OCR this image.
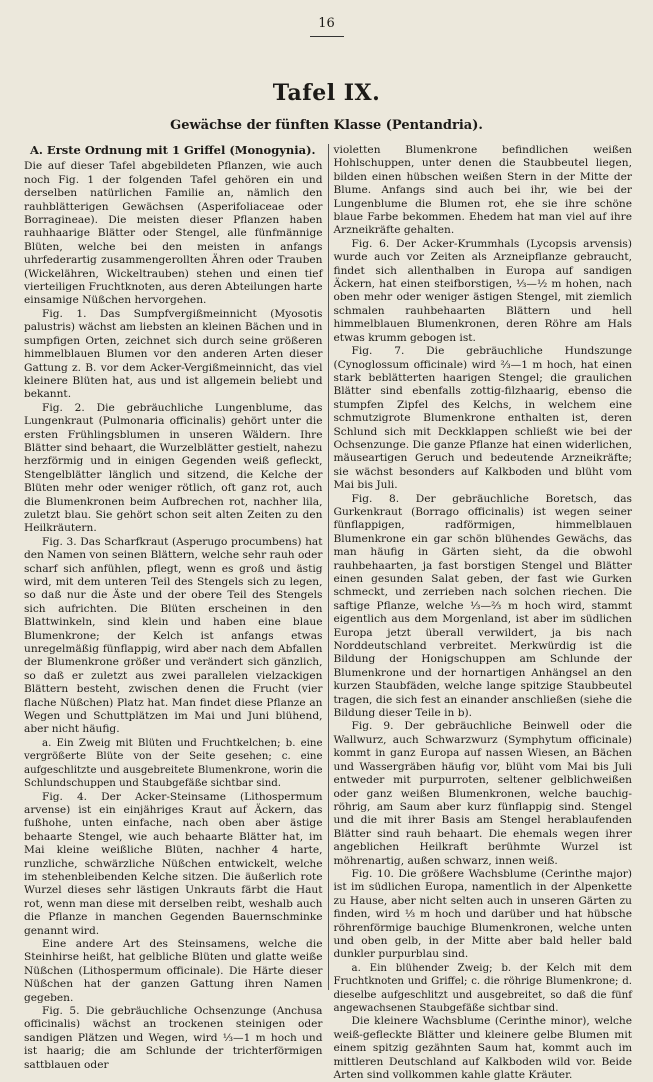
16
Tafel IX.
Gewächse der fünften Klasse (Pentandria).
A. Erste Ordnung mit 1 Griffel (Monogynia).

Die auf dieser Tafel abgebildeten Pflanzen, wie auch noch Fig. 1 der folgenden Tafel gehören ein und derselben natürlichen Familie an, nämlich den rauhblätterigen Gewächsen (Asperifoliaceae oder Borragineae). Die meisten dieser Pflanzen haben rauhhaarige Blätter oder Stengel, alle fünfmännige Blüten, welche bei den meisten in anfangs uhrfederartig zusammengerollten Ähren oder Trauben (Wickelähren, Wickeltrauben) stehen und einen tief vierteiligen Fruchtknoten, aus deren Abteilungen harte einsamige Nüßchen hervorgehen.

Fig. 1. Das Sumpfvergißmeinnicht (Myosotis palustris) wächst am liebsten an kleinen Bächen und in sumpfigen Orten, zeichnet sich durch seine größeren himmelblauen Blumen vor den anderen Arten dieser Gattung z. B. vor dem Acker-Vergißmeinnicht, das viel kleinere Blüten hat, aus und ist allgemein beliebt und bekannt.

Fig. 2. Die gebräuchliche Lungenblume, das Lungenkraut (Pulmonaria officinalis) gehört unter die ersten Frühlingsblumen in unseren Wäldern. Ihre Blätter sind behaart, die Wurzelblätter gestielt, nahezu herzförmig und in einigen Gegenden weiß gefleckt, Stengelblätter länglich und sitzend, die Kelche der Blüten mehr oder weniger rötlich, oft ganz rot, auch die Blumenkronen beim Aufbrechen rot, nachher lila, zuletzt blau. Sie gehört schon seit alten Zeiten zu den Heilkräutern.

Fig. 3. Das Scharfkraut (Asperugo procumbens) hat den Namen von seinen Blättern, welche sehr rauh oder scharf sich anfühlen, pflegt, wenn es groß und ästig wird, mit dem unteren Teil des Stengels sich zu legen, so daß nur die Äste und der obere Teil des Stengels sich aufrichten. Die Blüten erscheinen in den Blattwinkeln, sind klein und haben eine blaue Blumenkrone; der Kelch ist anfangs etwas unregelmäßig fünflappig, wird aber nach dem Abfallen der Blumenkrone größer und verändert sich gänzlich, so daß er zuletzt aus zwei parallelen vielzackigen Blättern besteht, zwischen denen die Frucht (vier flache Nüßchen) Platz hat. Man findet diese Pflanze an Wegen und Schuttplätzen im Mai und Juni blühend, aber nicht häufig.

a. Ein Zweig mit Blüten und Fruchtkelchen; b. eine vergrößerte Blüte von der Seite gesehen; c. eine aufgeschlitzte und ausgebreitete Blumenkrone, worin die Schlundschuppen und Staubgefäße sichtbar sind.

Fig. 4. Der Acker-Steinsame (Lithospermum arvense) ist ein einjähriges Kraut auf Äckern, das fußhohe, unten einfache, nach oben aber ästige behaarte Stengel, wie auch behaarte Blätter hat, im Mai kleine weißliche Blüten, nachher 4 harte, runzliche, schwärzliche Nüßchen entwickelt, welche im stehenbleibenden Kelche sitzen. Die äußerlich rote Wurzel dieses sehr lästigen Unkrauts färbt die Haut rot, wenn man diese mit derselben reibt, weshalb auch die Pflanze in manchen Gegenden Bauernschminke genannt wird.

Eine andere Art des Steinsamens, welche die Steinhirse heißt, hat gelbliche Blüten und glatte weiße Nüßchen (Lithospermum officinale). Die Härte dieser Nüßchen hat der ganzen Gattung ihren Namen gegeben.

Fig. 5. Die gebräuchliche Ochsenzunge (Anchusa officinalis) wächst an trockenen steinigen oder sandigen Plätzen und Wegen, wird ⅓—1 m hoch und ist haarig; die am Schlunde der trichterförmigen sattblauen oder

violetten Blumenkrone befindlichen weißen Hohlschuppen, unter denen die Staubbeutel liegen, bilden einen hübschen weißen Stern in der Mitte der Blume. Anfangs sind auch bei ihr, wie bei der Lungenblume die Blumen rot, ehe sie ihre schöne blaue Farbe bekommen. Ehedem hat man viel auf ihre Arzneikräfte gehalten.

Fig. 6. Der Acker-Krummhals (Lycopsis arvensis) wurde auch vor Zeiten als Arzneipflanze gebraucht, findet sich allenthalben in Europa auf sandigen Äckern, hat einen steifborstigen, ⅓—½ m hohen, nach oben mehr oder weniger ästigen Stengel, mit ziemlich schmalen rauhbehaarten Blättern und hell himmelblauen Blumenkronen, deren Röhre am Hals etwas krumm gebogen ist.

Fig. 7. Die gebräuchliche Hundszunge (Cynoglossum officinale) wird ⅔—1 m hoch, hat einen stark beblätterten haarigen Stengel; die graulichen Blätter sind ebenfalls zottig-filzhaarig, ebenso die stumpfen Zipfel des Kelchs, in welchem eine schmutzigrote Blumenkrone enthalten ist, deren Schlund sich mit Deckklappen schließt wie bei der Ochsenzunge. Die ganze Pflanze hat einen widerlichen, mäuseartigen Geruch und bedeutende Arzneikräfte; sie wächst besonders auf Kalkboden und blüht vom Mai bis Juli.

Fig. 8. Der gebräuchliche Boretsch, das Gurkenkraut (Borrago officinalis) ist wegen seiner fünflappigen, radförmigen, himmelblauen Blumenkrone ein gar schön blühendes Gewächs, das man häufig in Gärten sieht, da die obwohl rauhbehaarten, ja fast borstigen Stengel und Blätter einen gesunden Salat geben, der fast wie Gurken schmeckt, und zerrieben nach solchen riechen. Die saftige Pflanze, welche ⅓—⅔ m hoch wird, stammt eigentlich aus dem Morgenland, ist aber im südlichen Europa jetzt überall verwildert, ja bis nach Norddeutschland verbreitet. Merkwürdig ist die Bildung der Honigschuppen am Schlunde der Blumenkrone und der hornartigen Anhängsel an den kurzen Staubfäden, welche lange spitzige Staubbeutel tragen, die sich fest an einander anschließen (siehe die Bildung dieser Teile in b).

Fig. 9. Der gebräuchliche Beinwell oder die Wallwurz, auch Schwarzwurz (Symphytum officinale) kommt in ganz Europa auf nassen Wiesen, an Bächen und Wassergräben häufig vor, blüht vom Mai bis Juli entweder mit purpurroten, seltener gelblichweißen oder ganz weißen Blumenkronen, welche bauchig-röhrig, am Saum aber kurz fünflappig sind. Stengel und die mit ihrer Basis am Stengel herablaufenden Blätter sind rauh behaart. Die ehemals wegen ihrer angeblichen Heilkraft berühmte Wurzel ist möhrenartig, außen schwarz, innen weiß.

Fig. 10. Die größere Wachsblume (Cerinthe major) ist im südlichen Europa, namentlich in der Alpenkette zu Hause, aber nicht selten auch in unseren Gärten zu finden, wird ⅓ m hoch und darüber und hat hübsche röhrenförmige bauchige Blumenkronen, welche unten und oben gelb, in der Mitte aber bald heller bald dunkler purpurblau sind.

a. Ein blühender Zweig; b. der Kelch mit dem Fruchtknoten und Griffel; c. die röhrige Blumenkrone; d. dieselbe aufgeschlitzt und ausgebreitet, so daß die fünf angewachsenen Staubgefäße sichtbar sind.

Die kleinere Wachsblume (Cerinthe minor), welche weiß-gefleckte Blätter und kleinere gelbe Blumen mit einem spitzig gezähnten Saum hat, kommt auch im mittleren Deutschland auf Kalkboden wild vor. Beide Arten sind vollkommen kahle glatte Kräuter.
